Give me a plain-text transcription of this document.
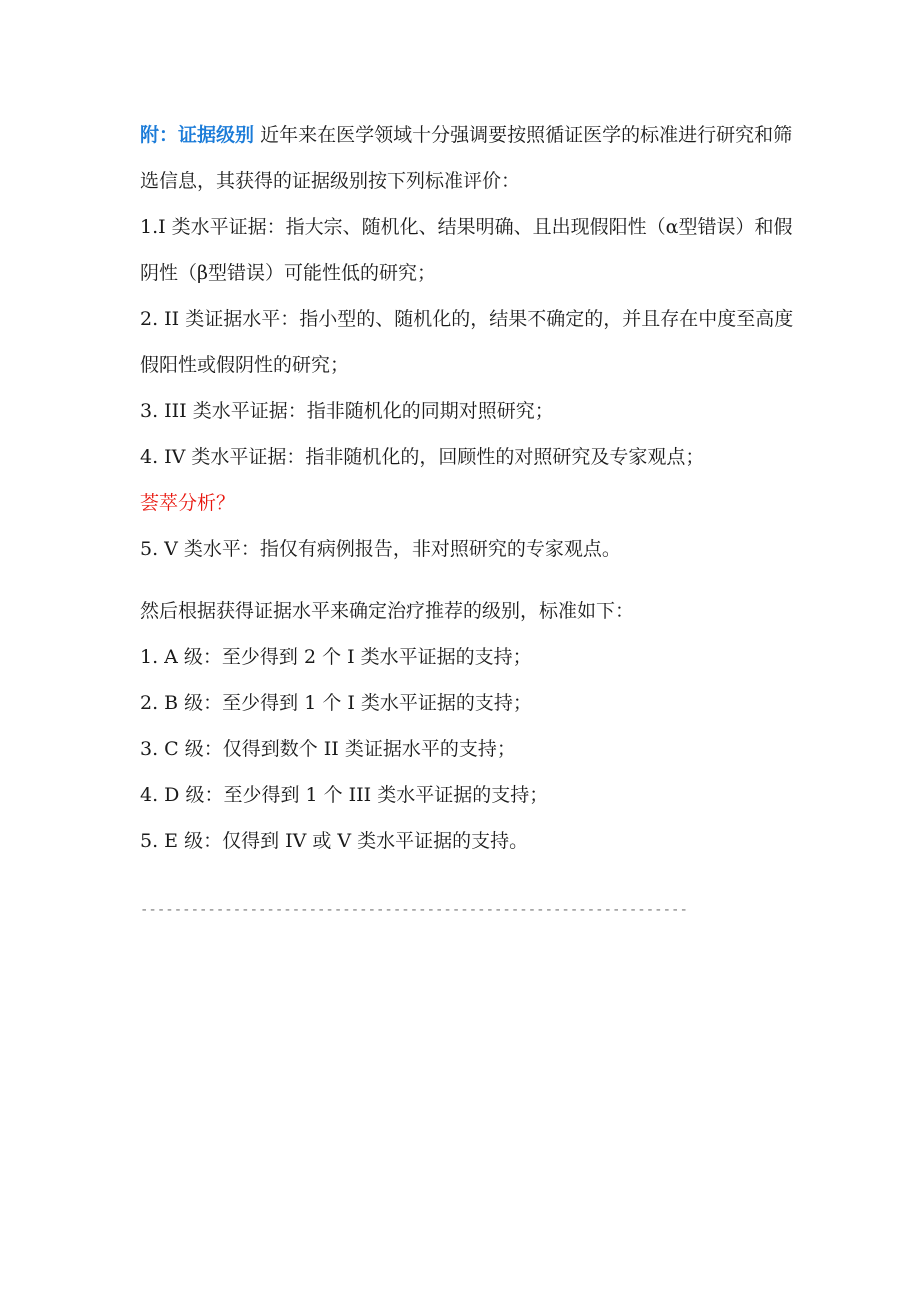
附：证据级别 近年来在医学领域十分强调要按照循证医学的标准进行研究和筛选信息，其获得的证据级别按下列标准评价：

1.I 类水平证据：指大宗、随机化、结果明确、且出现假阳性（α型错误）和假阴性（β型错误）可能性低的研究；

2. II 类证据水平：指小型的、随机化的，结果不确定的，并且存在中度至高度假阳性或假阴性的研究；

3. III 类水平证据：指非随机化的同期对照研究；

4. IV 类水平证据：指非随机化的，回顾性的对照研究及专家观点；

荟萃分析？

5. V 类水平：指仅有病例报告，非对照研究的专家观点。

然后根据获得证据水平来确定治疗推荐的级别，标准如下：

1. A 级：至少得到 2 个 I 类水平证据的支持；

2. B 级：至少得到 1 个 I 类水平证据的支持；

3. C 级：仅得到数个 II 类证据水平的支持；

4. D 级：至少得到 1 个 III 类水平证据的支持；

5. E 级：仅得到 IV 或 V 类水平证据的支持。

-----------------------------------------------------------------
